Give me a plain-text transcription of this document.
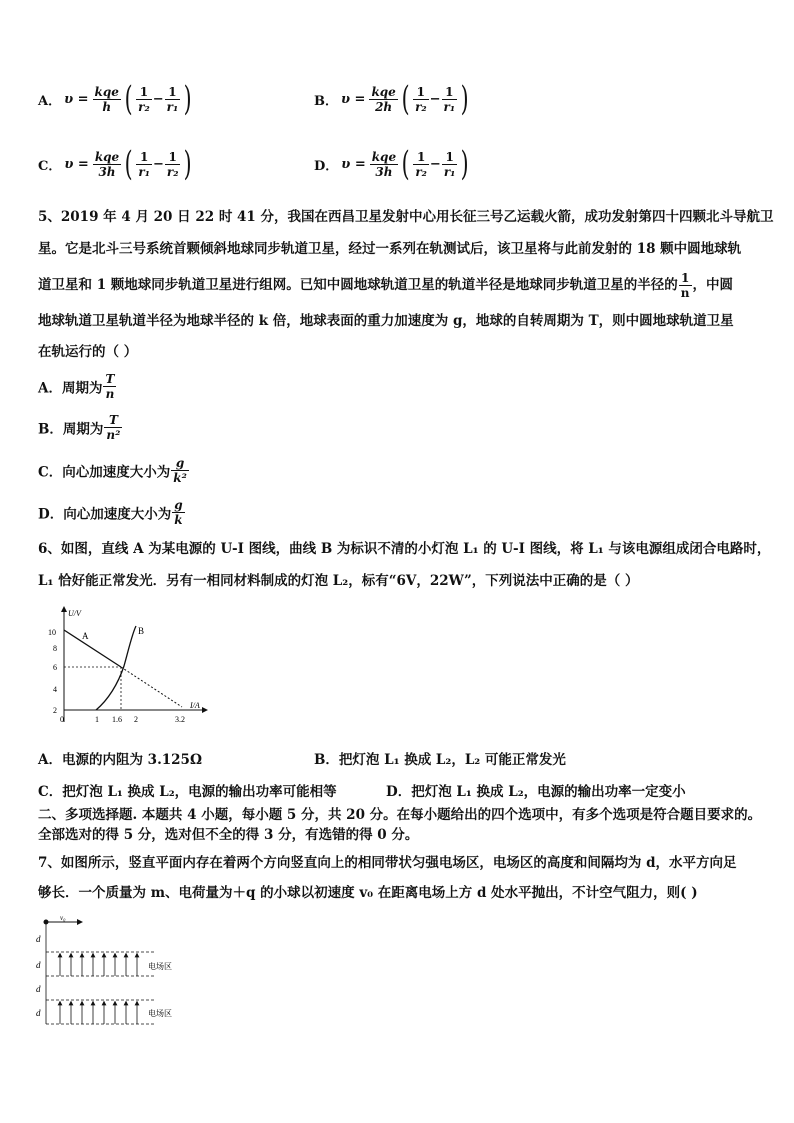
A． $\upsilon = \frac{\text{kqe}}{h}$ ( $\frac{1}{\text{r₂}} - \frac{1}{\text{r₁}}$ )	B． $\upsilon = \frac{\text{kqe}}{2h}$ ( $\frac{1}{\text{r₂}} - \frac{1}{\text{r₁}}$ )
C． $\upsilon = \frac{\text{kqe}}{3h}$ ( $\frac{1}{\text{r₁}} - \frac{1}{\text{r₂}}$ )	D． $\upsilon = \frac{\text{kqe}}{3h}$ ( $\frac{1}{\text{r₂}} - \frac{1}{\text{r₁}}$ )
5、2019 年 4 月 20 日 22 时 41 分，我国在西昌卫星发射中心用长征三号乙运载火箭，成功发射第四十四颗北斗导航卫
星。它是北斗三号系统首颗倾斜地球同步轨道卫星，经过一系列在轨测试后，该卫星将与此前发射的 18 颗中圆地球轨
道卫星和 1 颗地球同步轨道卫星进行组网。已知中圆地球轨道卫星的轨道半径是地球同步轨道卫星的半径的 $\frac{1}{n}$ ，中圆
地球轨道卫星轨道半径为地球半径的 k 倍，地球表面的重力加速度为 g，地球的自转周期为 T，则中圆地球轨道卫星
在轨运行的（ ）
A．周期为 $\frac{T}{n}$
B．周期为 $\frac{T}{\text{n²}}$
C．向心加速度大小为 $\frac{g}{\text{k²}}$
D．向心加速度大小为 $\frac{g}{k}$
6、如图，直线 A 为某电源的 U-I 图线，曲线 B 为标识不清的小灯泡 L₁ 的 U-I 图线，将 L₁ 与该电源组成闭合电路时，
L₁ 恰好能正常发光．另有一相同材料制成的灯泡 L₂，标有“6V，22W”，下列说法中正确的是（ ）
U/V
I/A
10
8
6
4
2
0	1 1.6 2	3.2
A	B
A．电源的内阻为 3.125Ω	B．把灯泡 L₁ 换成 L₂，L₂ 可能正常发光
C．把灯泡 L₁ 换成 L₂，电源的输出功率可能相等	D．把灯泡 L₁ 换成 L₂，电源的输出功率一定变小
二、多项选择题. 本题共 4 小题，每小题 5 分，共 20 分。在每小题给出的四个选项中，有多个选项是符合题目要求的。
全部选对的得 5 分，选对但不全的得 3 分，有选错的得 0 分。
7、如图所示，竖直平面内存在着两个方向竖直向上的相同带状匀强电场区，电场区的高度和间隔均为 d，水平方向足
够长．一个质量为 m、电荷量为＋q 的小球以初速度 v₀ 在距离电场上方 d 处水平抛出，不计空气阻力，则( )
v₀
d
d
d
d
电场区
电场区
